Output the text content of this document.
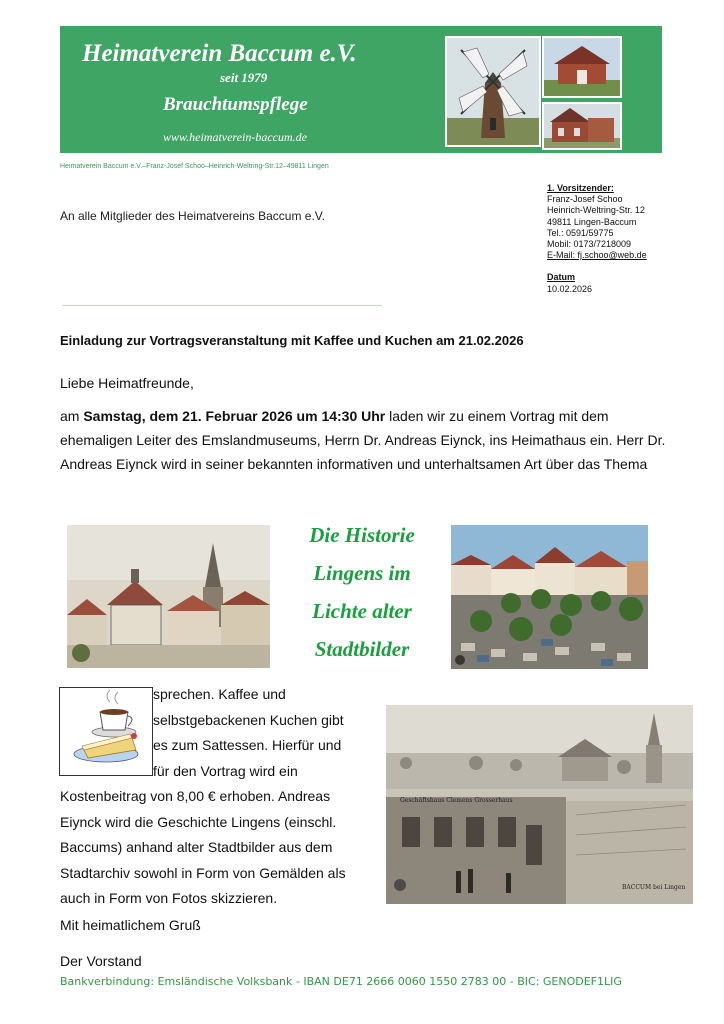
Heimatverein Baccum e.V.
seit 1979
Brauchtumspflege
www.heimatverein-baccum.de
Heimatverein Baccum e.V.–Franz-Josef Schoo–Heinrich-Weltring-Str.12–49811 Lingen
An alle Mitglieder des Heimatvereins Baccum e.V.
1. Vorsitzender:
Franz-Josef Schoo
Heinrich-Weltring-Str. 12
49811 Lingen-Baccum
Tel.: 0591/59775
Mobil: 0173/7218009
E-Mail: fj.schoo@web.de
Datum
10.02.2026
Einladung zur Vortragsveranstaltung mit Kaffee und Kuchen am 21.02.2026
Liebe Heimatfreunde,
am Samstag, dem 21. Februar 2026 um 14:30 Uhr laden wir zu einem Vortrag mit dem ehemaligen Leiter des Emslandmuseums, Herrn Dr. Andreas Eiynck, ins Heimathaus ein. Herr Dr. Andreas Eiynck wird in seiner bekannten informativen und unterhaltsamen Art über das Thema
Die Historie
Lingens im
Lichte alter
Stadtbilder
sprechen. Kaffee und
selbstgebackenen Kuchen gibt
es zum Sattessen. Hierfür und
für den Vortrag wird ein
Kostenbeitrag von 8,00 € erhoben. Andreas
Eiynck wird die Geschichte Lingens (einschl.
Baccums) anhand alter Stadtbilder aus dem
Stadtarchiv sowohl in Form von Gemälden als
auch in Form von Fotos skizzieren.
Geschäftshaus Clemens Grosserhaus
BACCUM bei Lingen
Mit heimatlichem Gruß
Der Vorstand
Bankverbindung: Emsländische Volksbank - IBAN DE71 2666 0060 1550 2783 00 - BIC: GENODEF1LIG
